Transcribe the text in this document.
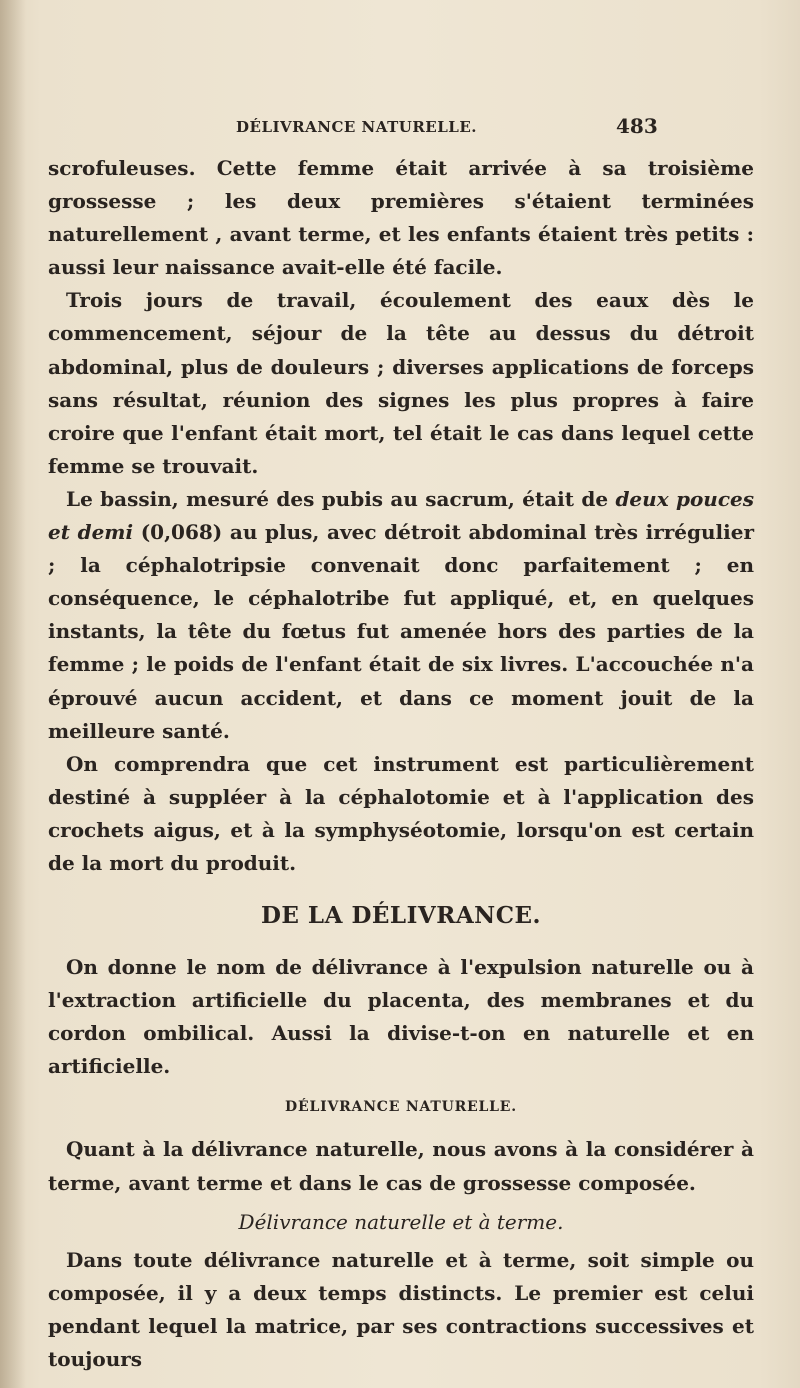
DÉLIVRANCE NATURELLE.	483

scrofuleuses. Cette femme était arrivée à sa troisième grossesse ; les deux premières s'étaient terminées naturellement , avant terme, et les enfants étaient très petits : aussi leur naissance avait-elle été facile.

Trois jours de travail, écoulement des eaux dès le commencement, séjour de la tête au dessus du détroit abdominal, plus de douleurs ; diverses applications de forceps sans résultat, réunion des signes les plus propres à faire croire que l'enfant était mort, tel était le cas dans lequel cette femme se trouvait.

Le bassin, mesuré des pubis au sacrum, était de deux pouces et demi (0,068) au plus, avec détroit abdominal très irrégulier ; la céphalotripsie convenait donc parfaitement ; en conséquence, le céphalotribe fut appliqué, et, en quelques instants, la tête du fœtus fut amenée hors des parties de la femme ; le poids de l'enfant était de six livres. L'accouchée n'a éprouvé aucun accident, et dans ce moment jouit de la meilleure santé.

On comprendra que cet instrument est particulièrement destiné à suppléer à la céphalotomie et à l'application des crochets aigus, et à la symphyséotomie, lorsqu'on est certain de la mort du produit.

DE LA DÉLIVRANCE.

On donne le nom de délivrance à l'expulsion naturelle ou à l'extraction artificielle du placenta, des membranes et du cordon ombilical. Aussi la divise-t-on en naturelle et en artificielle.

DÉLIVRANCE NATURELLE.

Quant à la délivrance naturelle, nous avons à la considérer à terme, avant terme et dans le cas de grossesse composée.

Délivrance naturelle et à terme.

Dans toute délivrance naturelle et à terme, soit simple ou composée, il y a deux temps distincts. Le premier est celui pendant lequel la matrice, par ses contractions successives et toujours
